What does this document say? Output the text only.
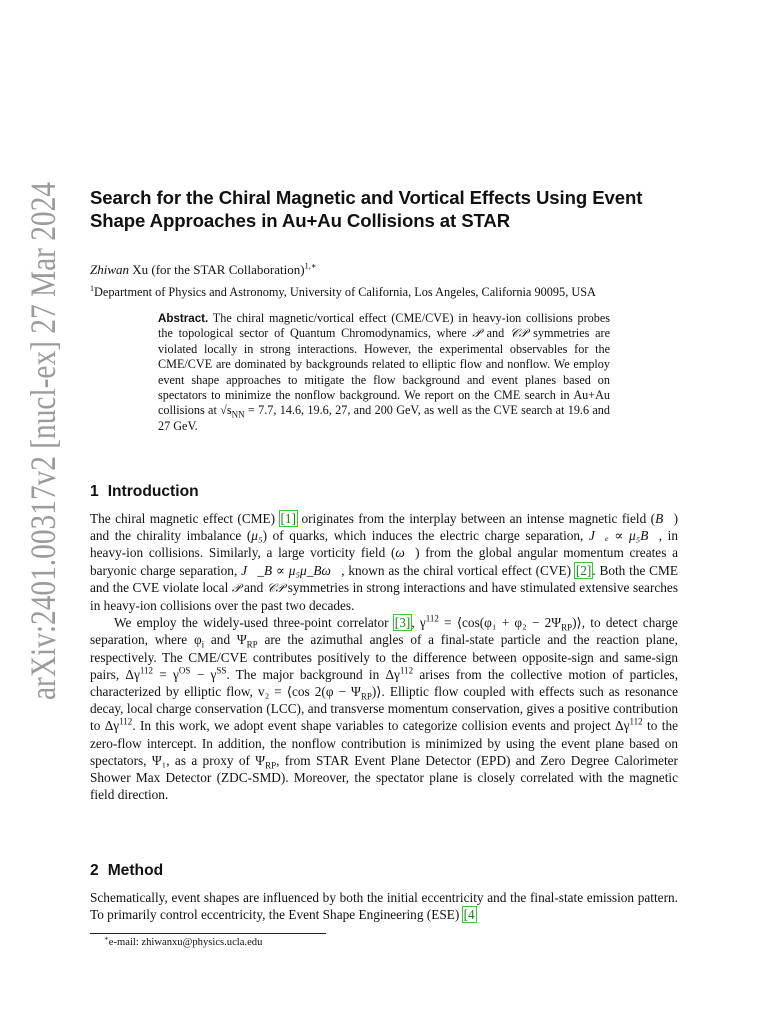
arXiv:2401.00317v2 [nucl-ex] 27 Mar 2024 Search for the Chiral Magnetic and Vortical Effects Using Event Shape Approaches in Au+Au Collisions at STAR
Zhiwan Xu (for the STAR Collaboration)$^{1,∗}$
$^1$Department of Physics and Astronomy, University of California, Los Angeles, California 90095, USA

Abstract. The chiral magnetic/vortical effect (CME/CVE) in heavy-ion collisions probes the topological sector of Quantum Chromodynamics, where 𝒫 and 𝒞𝒫 symmetries are violated locally in strong interactions. However, the experimental observables for the CME/CVE are dominated by backgrounds related to elliptic flow and nonflow. We employ event shape approaches to mitigate the flow background and event planes based on spectators to minimize the nonflow background. We report on the CME search in Au+Au collisions at $√s_{NN} = 7.7$, 14.6, 19.6, 27, and 200 GeV, as well as the CVE search at 19.6 and 27 GeV.

1 Introduction

The chiral magnetic effect (CME) [1] originates from the interplay between an intense magnetic field (B⃗) and the chirality imbalance (μ₅) of quarks, which induces the electric charge separation, J⃗ₑ ∝ μ₅B⃗, in heavy-ion collisions. Similarly, a large vorticity field (ω⃗) from the global angular momentum creates a baryonic charge separation, J⃗_B ∝ μ₅μ_Bω⃗, known as the chiral vortical effect (CVE) [2]. Both the CME and the CVE violate local 𝒫 and 𝒞𝒫 symmetries in strong interactions and have stimulated extensive searches in heavy-ion collisions over the past two decades.

We employ the widely-used three-point correlator [3], $\gamma^{112}$ = ⟨cos(φ₁ + $\varphi_2 - 2\Psi_{RP})⟩$, to detect charge separation, where $\varphi_i$ and $\Psi_{RP}$ are the azimuthal angles of a final-state particle and the reaction plane, respectively. The CME/CVE contributes positively to the difference between opposite-sign and same-sign pairs, $\Delta\gamma^{112} = \gamma^{OS} - \gamma^{SS}$. The major background in $\Delta\gamma^{112}$ arises from the collective motion of particles, characterized by elliptic flow, v₂ = ⟨cos $2(\varphi - \Psi_{RP})⟩$. Elliptic flow coupled with effects such as resonance decay, local charge conservation (LCC), and transverse momentum conservation, gives a positive contribution to $\Delta\gamma^{112}$. In this work, we adopt event shape variables to categorize collision events and project $\Delta\gamma^{112}$ to the zero-flow intercept. In addition, the nonflow contribution is minimized by using the event plane based on spectators, Ψ₁, as a proxy of $\Psi_{RP}$, from STAR Event Plane Detector (EPD) and Zero Degree Calorimeter Shower Max Detector (ZDC-SMD). Moreover, the spectator plane is closely correlated with the magnetic field direction.

2 Method

Schematically, event shapes are influenced by both the initial eccentricity and the final-state emission pattern. To primarily control eccentricity, the Event Shape Engineering (ESE) [4

∗e-mail: zhiwanxu@physics.ucla.edu
